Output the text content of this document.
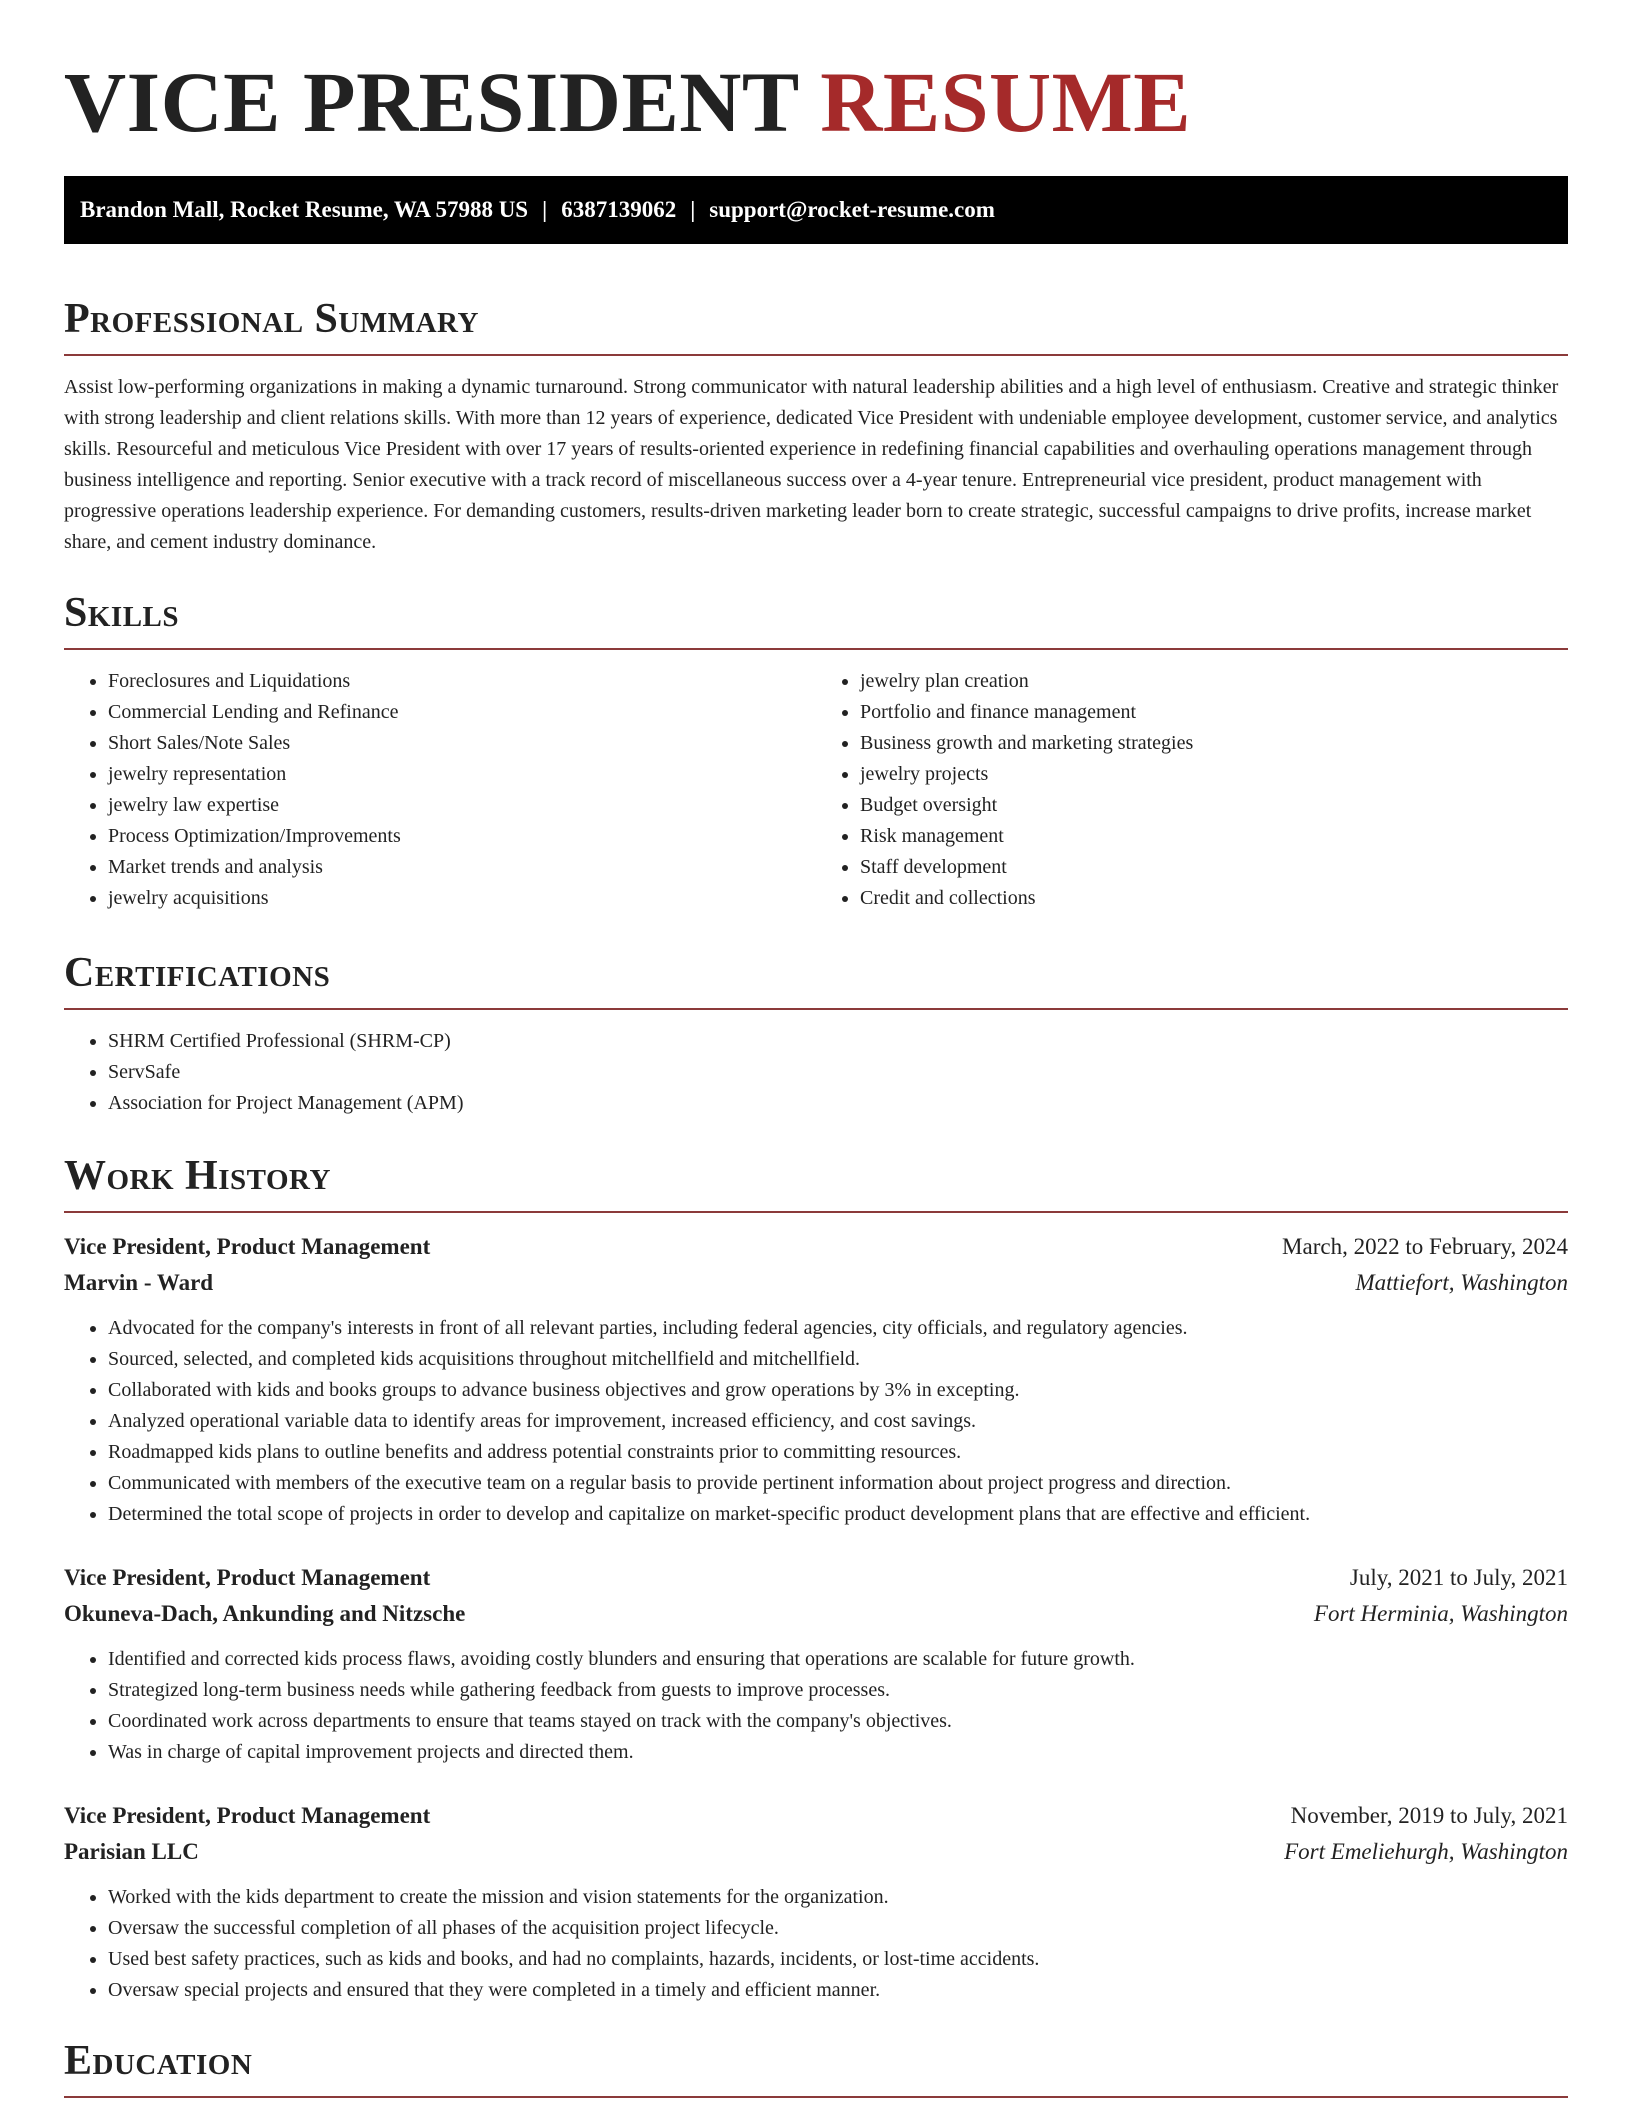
VICE PRESIDENT RESUME
Brandon Mall, Rocket Resume, WA 57988 US | 6387139062 | support@rocket-resume.com
Professional Summary

Assist low-performing organizations in making a dynamic turnaround. Strong communicator with natural leadership abilities and a high level of enthusiasm. Creative and strategic thinker with strong leadership and client relations skills. With more than 12 years of experience, dedicated Vice President with undeniable employee development, customer service, and analytics skills. Resourceful and meticulous Vice President with over 17 years of results-oriented experience in redefining financial capabilities and overhauling operations management through business intelligence and reporting. Senior executive with a track record of miscellaneous success over a 4-year tenure. Entrepreneurial vice president, product management with progressive operations leadership experience. For demanding customers, results-driven marketing leader born to create strategic, successful campaigns to drive profits, increase market share, and cement industry dominance.

Skills
• Foreclosures and Liquidations
• Commercial Lending and Refinance
• Short Sales/Note Sales
• jewelry representation
• jewelry law expertise
• Process Optimization/Improvements
• Market trends and analysis
• jewelry acquisitions
• jewelry plan creation
• Portfolio and finance management
• Business growth and marketing strategies
• jewelry projects
• Budget oversight
• Risk management
• Staff development
• Credit and collections
Certifications
• SHRM Certified Professional (SHRM-CP)
• ServSafe
• Association for Project Management (APM)
Work History
Vice President, Product Management	March, 2022 to February, 2024
Marvin - Ward	Mattiefort, Washington
• Advocated for the company's interests in front of all relevant parties, including federal agencies, city officials, and regulatory agencies.
• Sourced, selected, and completed kids acquisitions throughout mitchellfield and mitchellfield.
• Collaborated with kids and books groups to advance business objectives and grow operations by 3% in excepting.
• Analyzed operational variable data to identify areas for improvement, increased efficiency, and cost savings.
• Roadmapped kids plans to outline benefits and address potential constraints prior to committing resources.
• Communicated with members of the executive team on a regular basis to provide pertinent information about project progress and direction.
• Determined the total scope of projects in order to develop and capitalize on market-specific product development plans that are effective and efficient.
Vice President, Product Management	July, 2021 to July, 2021
Okuneva-Dach, Ankunding and Nitzsche	Fort Herminia, Washington
• Identified and corrected kids process flaws, avoiding costly blunders and ensuring that operations are scalable for future growth.
• Strategized long-term business needs while gathering feedback from guests to improve processes.
• Coordinated work across departments to ensure that teams stayed on track with the company's objectives.
• Was in charge of capital improvement projects and directed them.
Vice President, Product Management	November, 2019 to July, 2021
Parisian LLC	Fort Emeliehurgh, Washington
• Worked with the kids department to create the mission and vision statements for the organization.
• Oversaw the successful completion of all phases of the acquisition project lifecycle.
• Used best safety practices, such as kids and books, and had no complaints, hazards, incidents, or lost-time accidents.
• Oversaw special projects and ensured that they were completed in a timely and efficient manner.
Education
